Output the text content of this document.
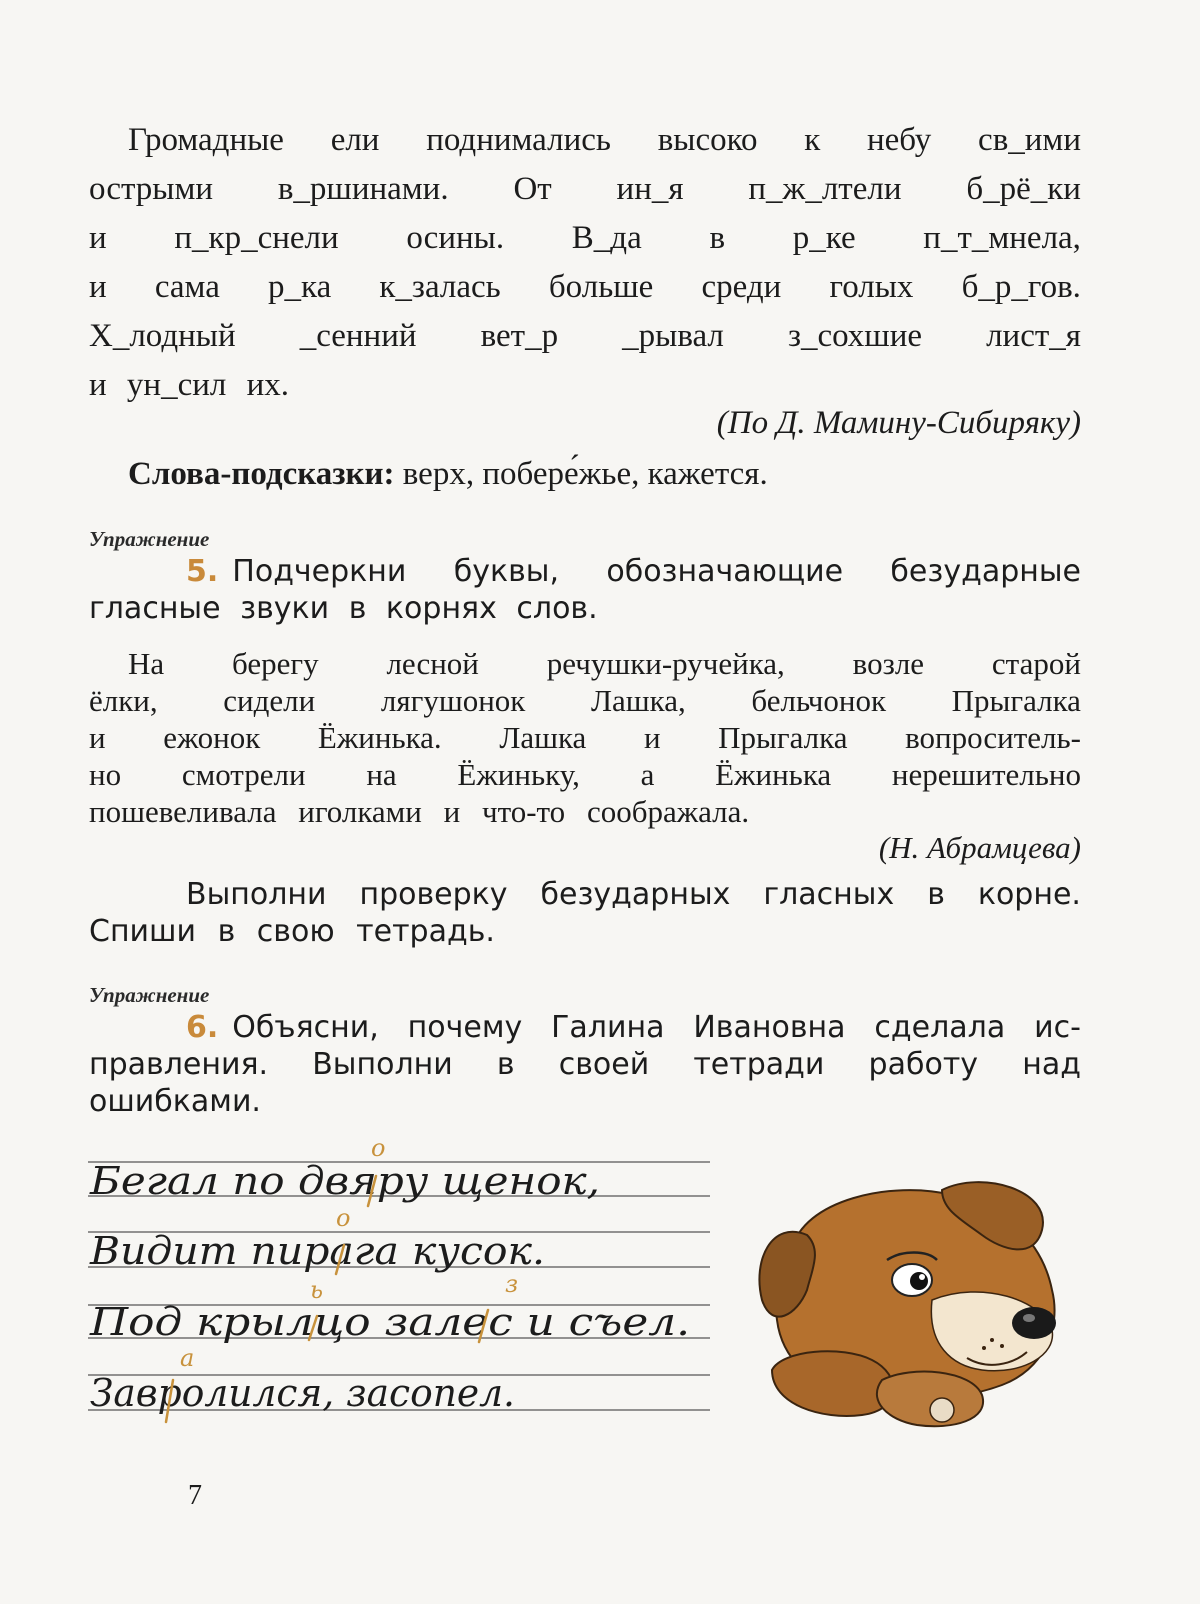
Громадные ели поднимались высоко к небу св_ими
острыми в_ршинами. От ин_я п_ж_лтели б_рё_ки
и п_кр_снели осины. В_да в р_ке п_т_мнела,
и сама р_ка к_залась больше среди голых б_р_гов.
Х_лодный _сенний вет_р _рывал з_сохшие лист_я
и ун_сил их.
(По Д. Мамину-Сибиряку)
Слова-подсказки: верх, побере́жье, кажется.
Упражнение
5. Подчеркни буквы, обозначающие безударные
гласные звуки в корнях слов.
На берегу лесной речушки-ручейка, возле старой
ёлки, сидели лягушонок Лашка, бельчонок Прыгалка
и ежонок Ёжинька. Лашка и Прыгалка вопроситель-
но смотрели на Ёжиньку, а Ёжинька нерешительно
пошевеливала иголками и что-то соображала.
(Н. Абрамцева)
Выполни проверку безударных гласных в корне.
Спиши в свою тетрадь.
Упражнение
6. Объясни, почему Галина Ивановна сделала ис-
правления. Выполни в своей тетради работу над
ошибками.
Бегал по двяру щенок,
Видит пирага кусок.
Под крылцо залес и съел.
Завролился, засопел.
о
о
ь	з
а
7
